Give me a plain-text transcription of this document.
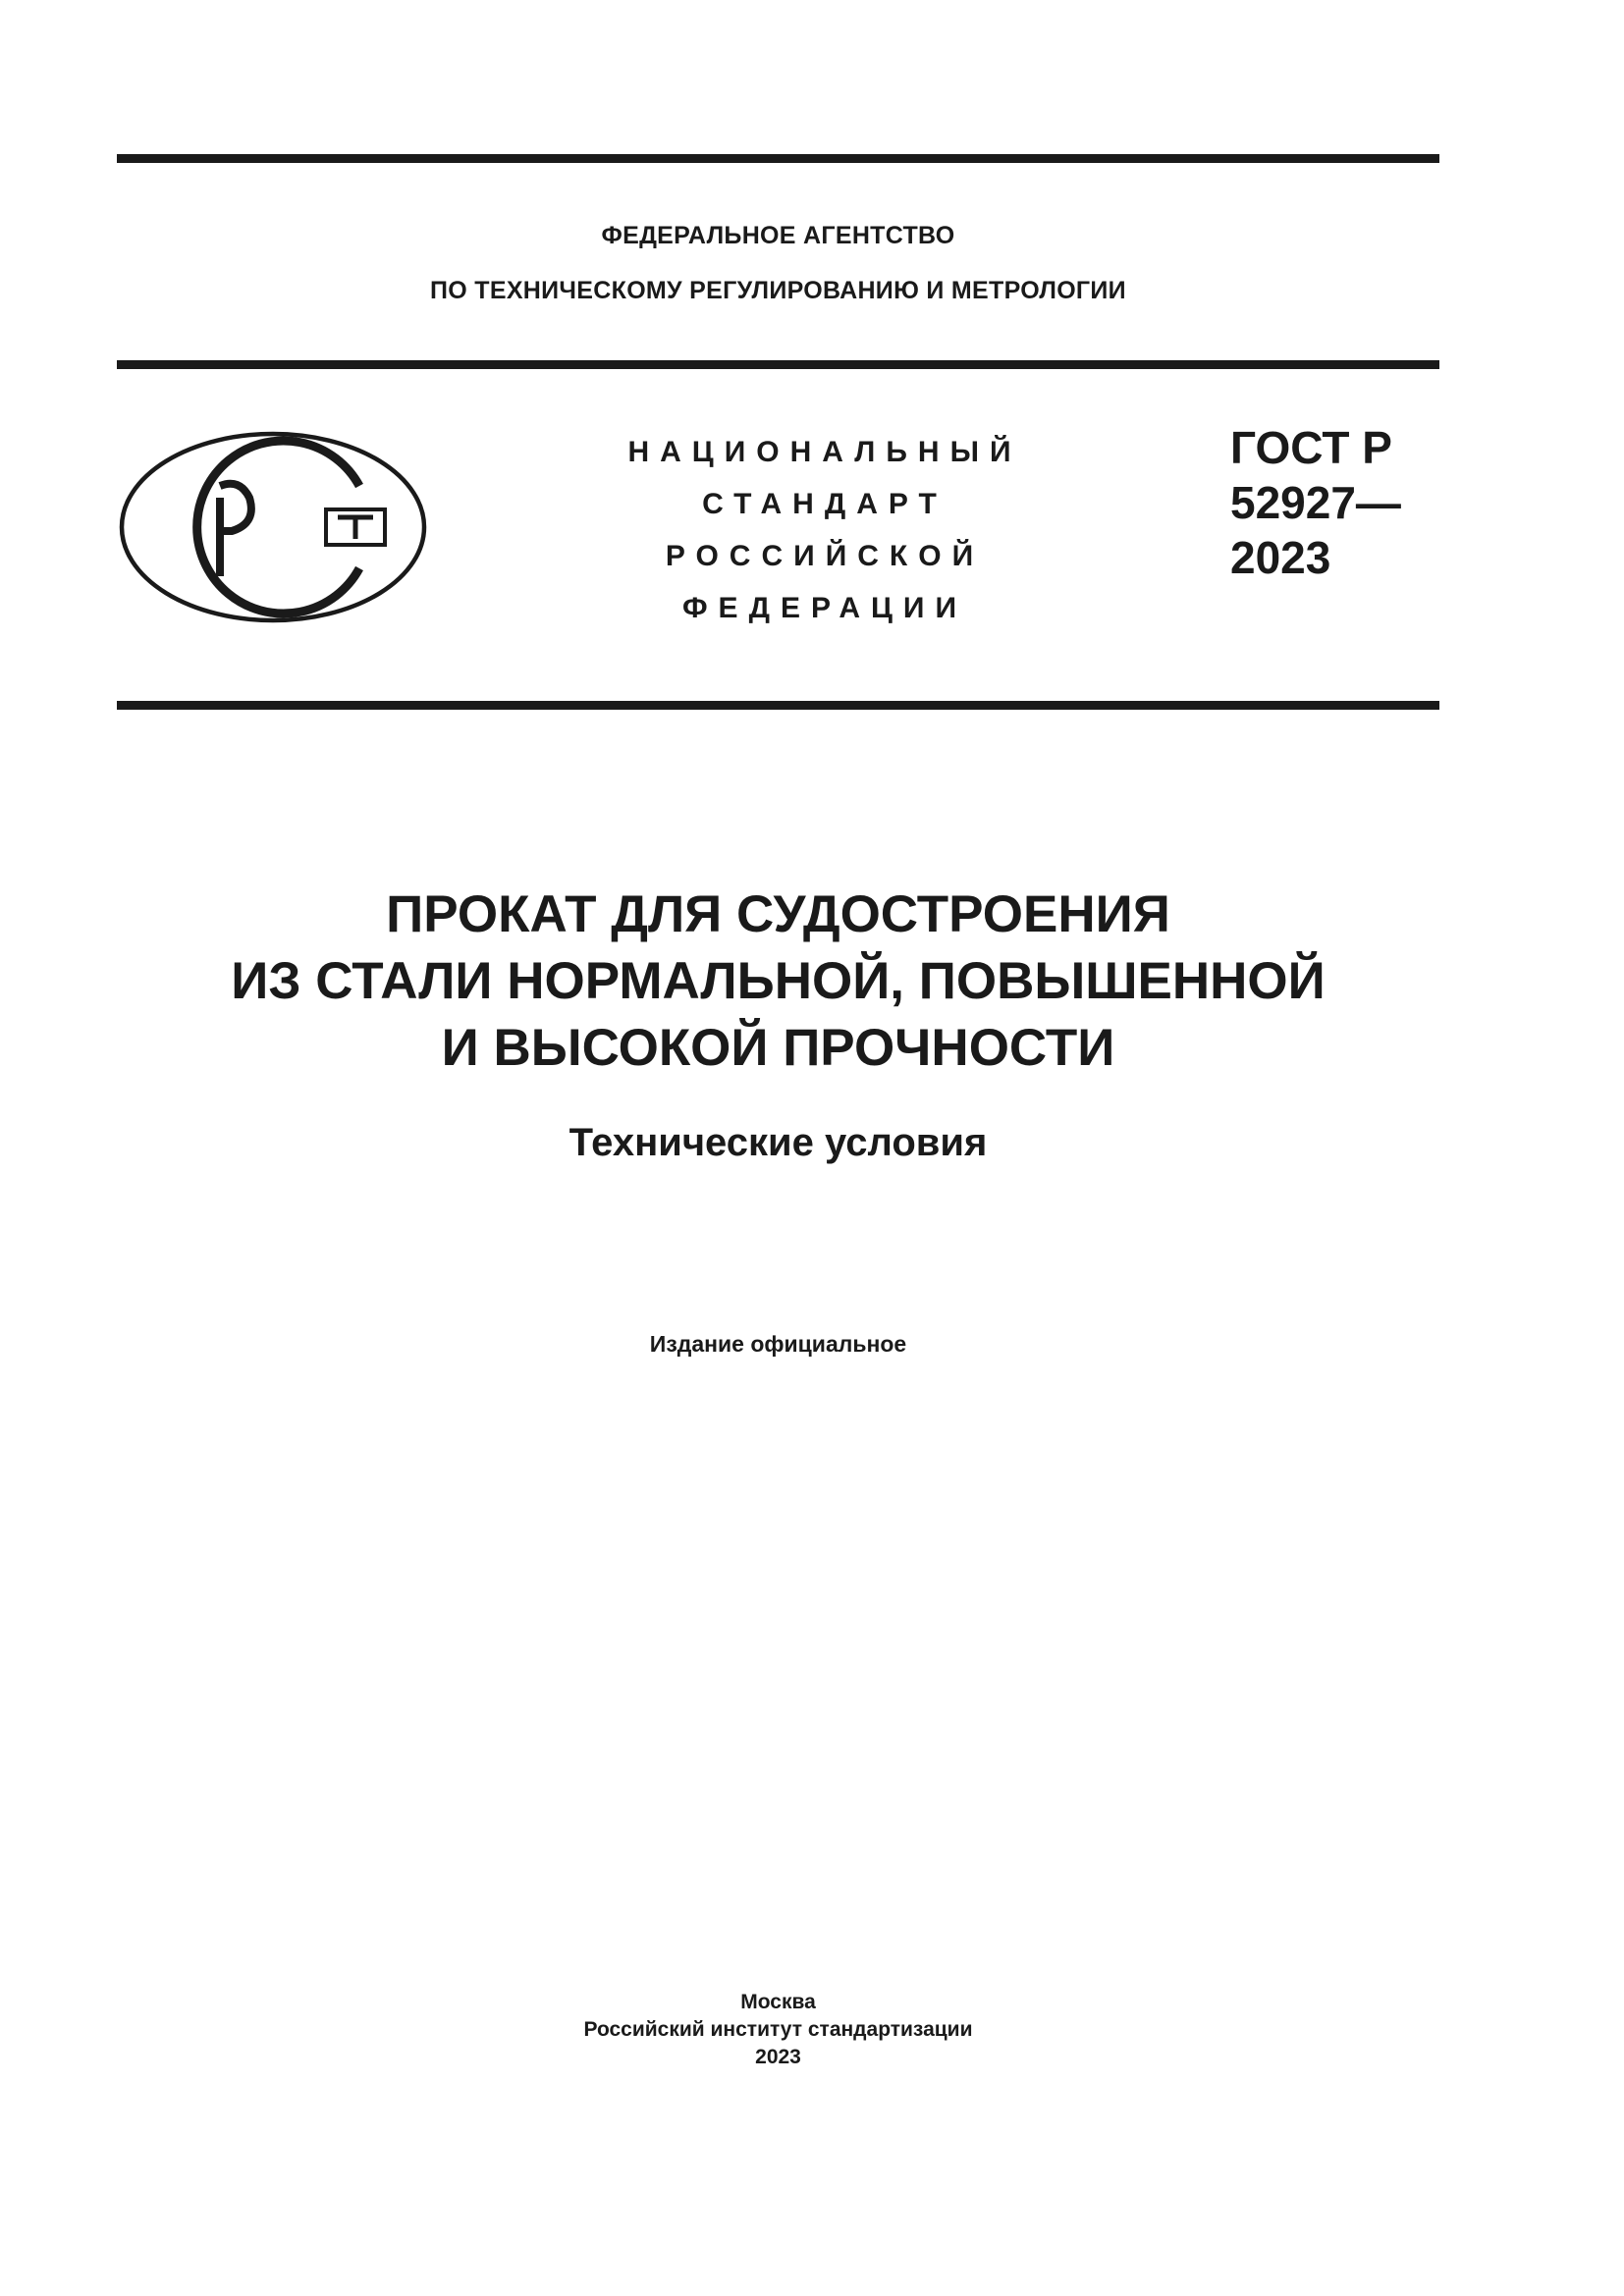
ФЕДЕРАЛЬНОЕ АГЕНТСТВО
ПО ТЕХНИЧЕСКОМУ РЕГУЛИРОВАНИЮ И МЕТРОЛОГИИ
НАЦИОНАЛЬНЫЙ
СТАНДАРТ
РОССИЙСКОЙ
ФЕДЕРАЦИИ
ГОСТ Р
52927—
2023
ПРОКАТ ДЛЯ СУДОСТРОЕНИЯ
ИЗ СТАЛИ НОРМАЛЬНОЙ, ПОВЫШЕННОЙ
И ВЫСОКОЙ ПРОЧНОСТИ
Технические условия
Издание официальное
Москва
Российский институт стандартизации
2023
